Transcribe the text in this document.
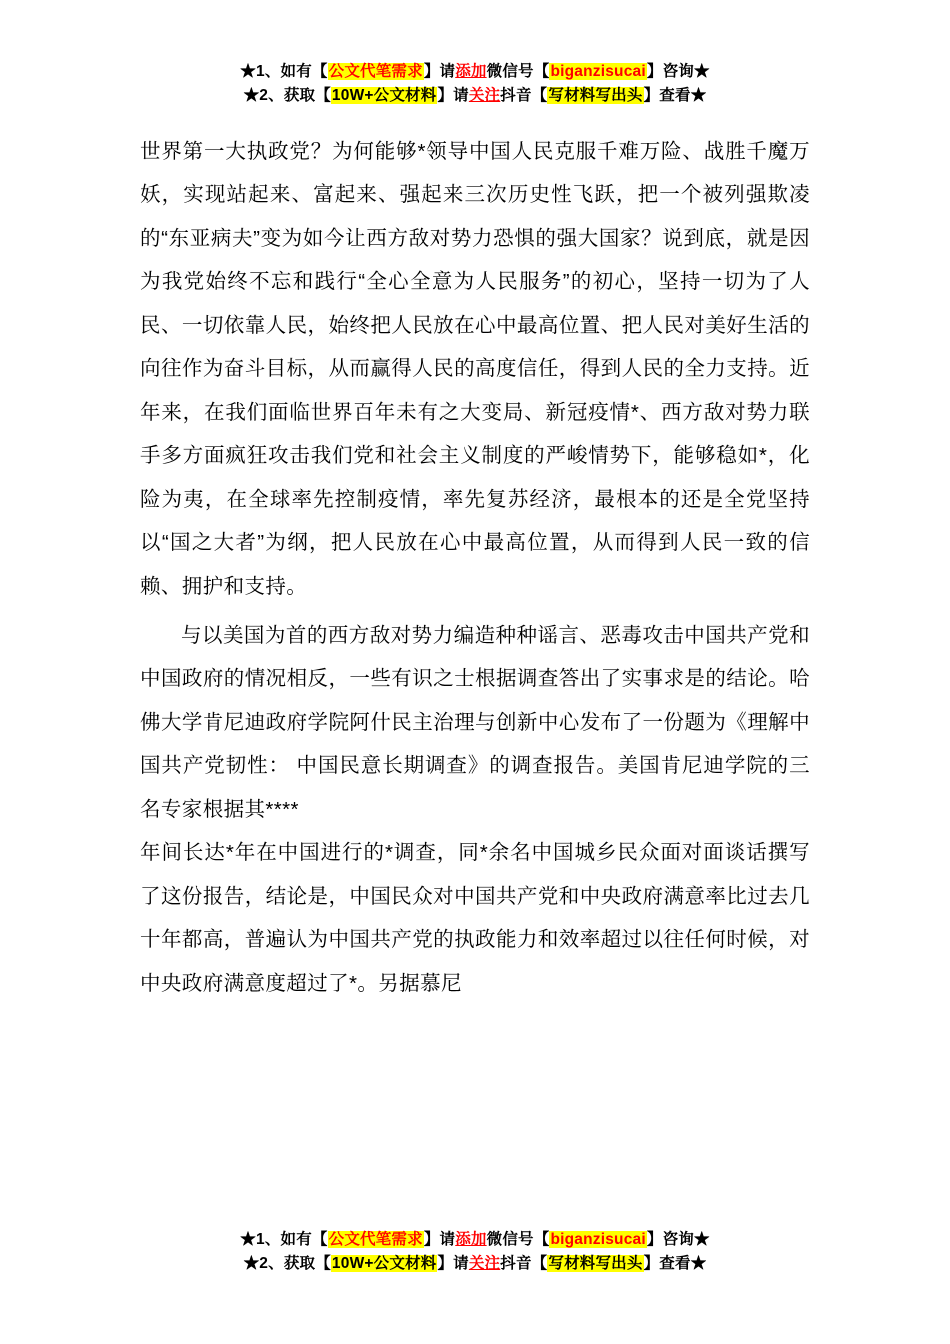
★1、如有【公文代笔需求】请添加微信号【biganzisucai】咨询★
★2、获取【10W+公文材料】请关注抖音【写材料写出头】查看★

世界第一大执政党？为何能够*领导中国人民克服千难万险、战胜千魔万妖，实现站起来、富起来、强起来三次历史性飞跃，把一个被列强欺凌的“东亚病夫”变为如今让西方敌对势力恐惧的强大国家？说到底，就是因为我党始终不忘和践行“全心全意为人民服务”的初心，坚持一切为了人民、一切依靠人民，始终把人民放在心中最高位置、把人民对美好生活的向往作为奋斗目标，从而赢得人民的高度信任，得到人民的全力支持。近年来，在我们面临世界百年未有之大变局、新冠疫情*、西方敌对势力联手多方面疯狂攻击我们党和社会主义制度的严峻情势下，能够稳如*，化险为夷，在全球率先控制疫情，率先复苏经济，最根本的还是全党坚持以“国之大者”为纲，把人民放在心中最高位置，从而得到人民一致的信赖、拥护和支持。

与以美国为首的西方敌对势力编造种种谣言、恶毒攻击中国共产党和中国政府的情况相反，一些有识之士根据调查答出了实事求是的结论。哈佛大学肯尼迪政府学院阿什民主治理与创新中心发布了一份题为《理解中国共产党韧性： 中国民意长期调查》的调查报告。美国肯尼迪学院的三名专家根据其****

年间长达*年在中国进行的*调查，同*余名中国城乡民众面对面谈话撰写了这份报告，结论是，中国民众对中国共产党和中央政府满意率比过去几十年都高，普遍认为中国共产党的执政能力和效率超过以往任何时候，对中央政府满意度超过了*。另据慕尼

★1、如有【公文代笔需求】请添加微信号【biganzisucai】咨询★
★2、获取【10W+公文材料】请关注抖音【写材料写出头】查看★
